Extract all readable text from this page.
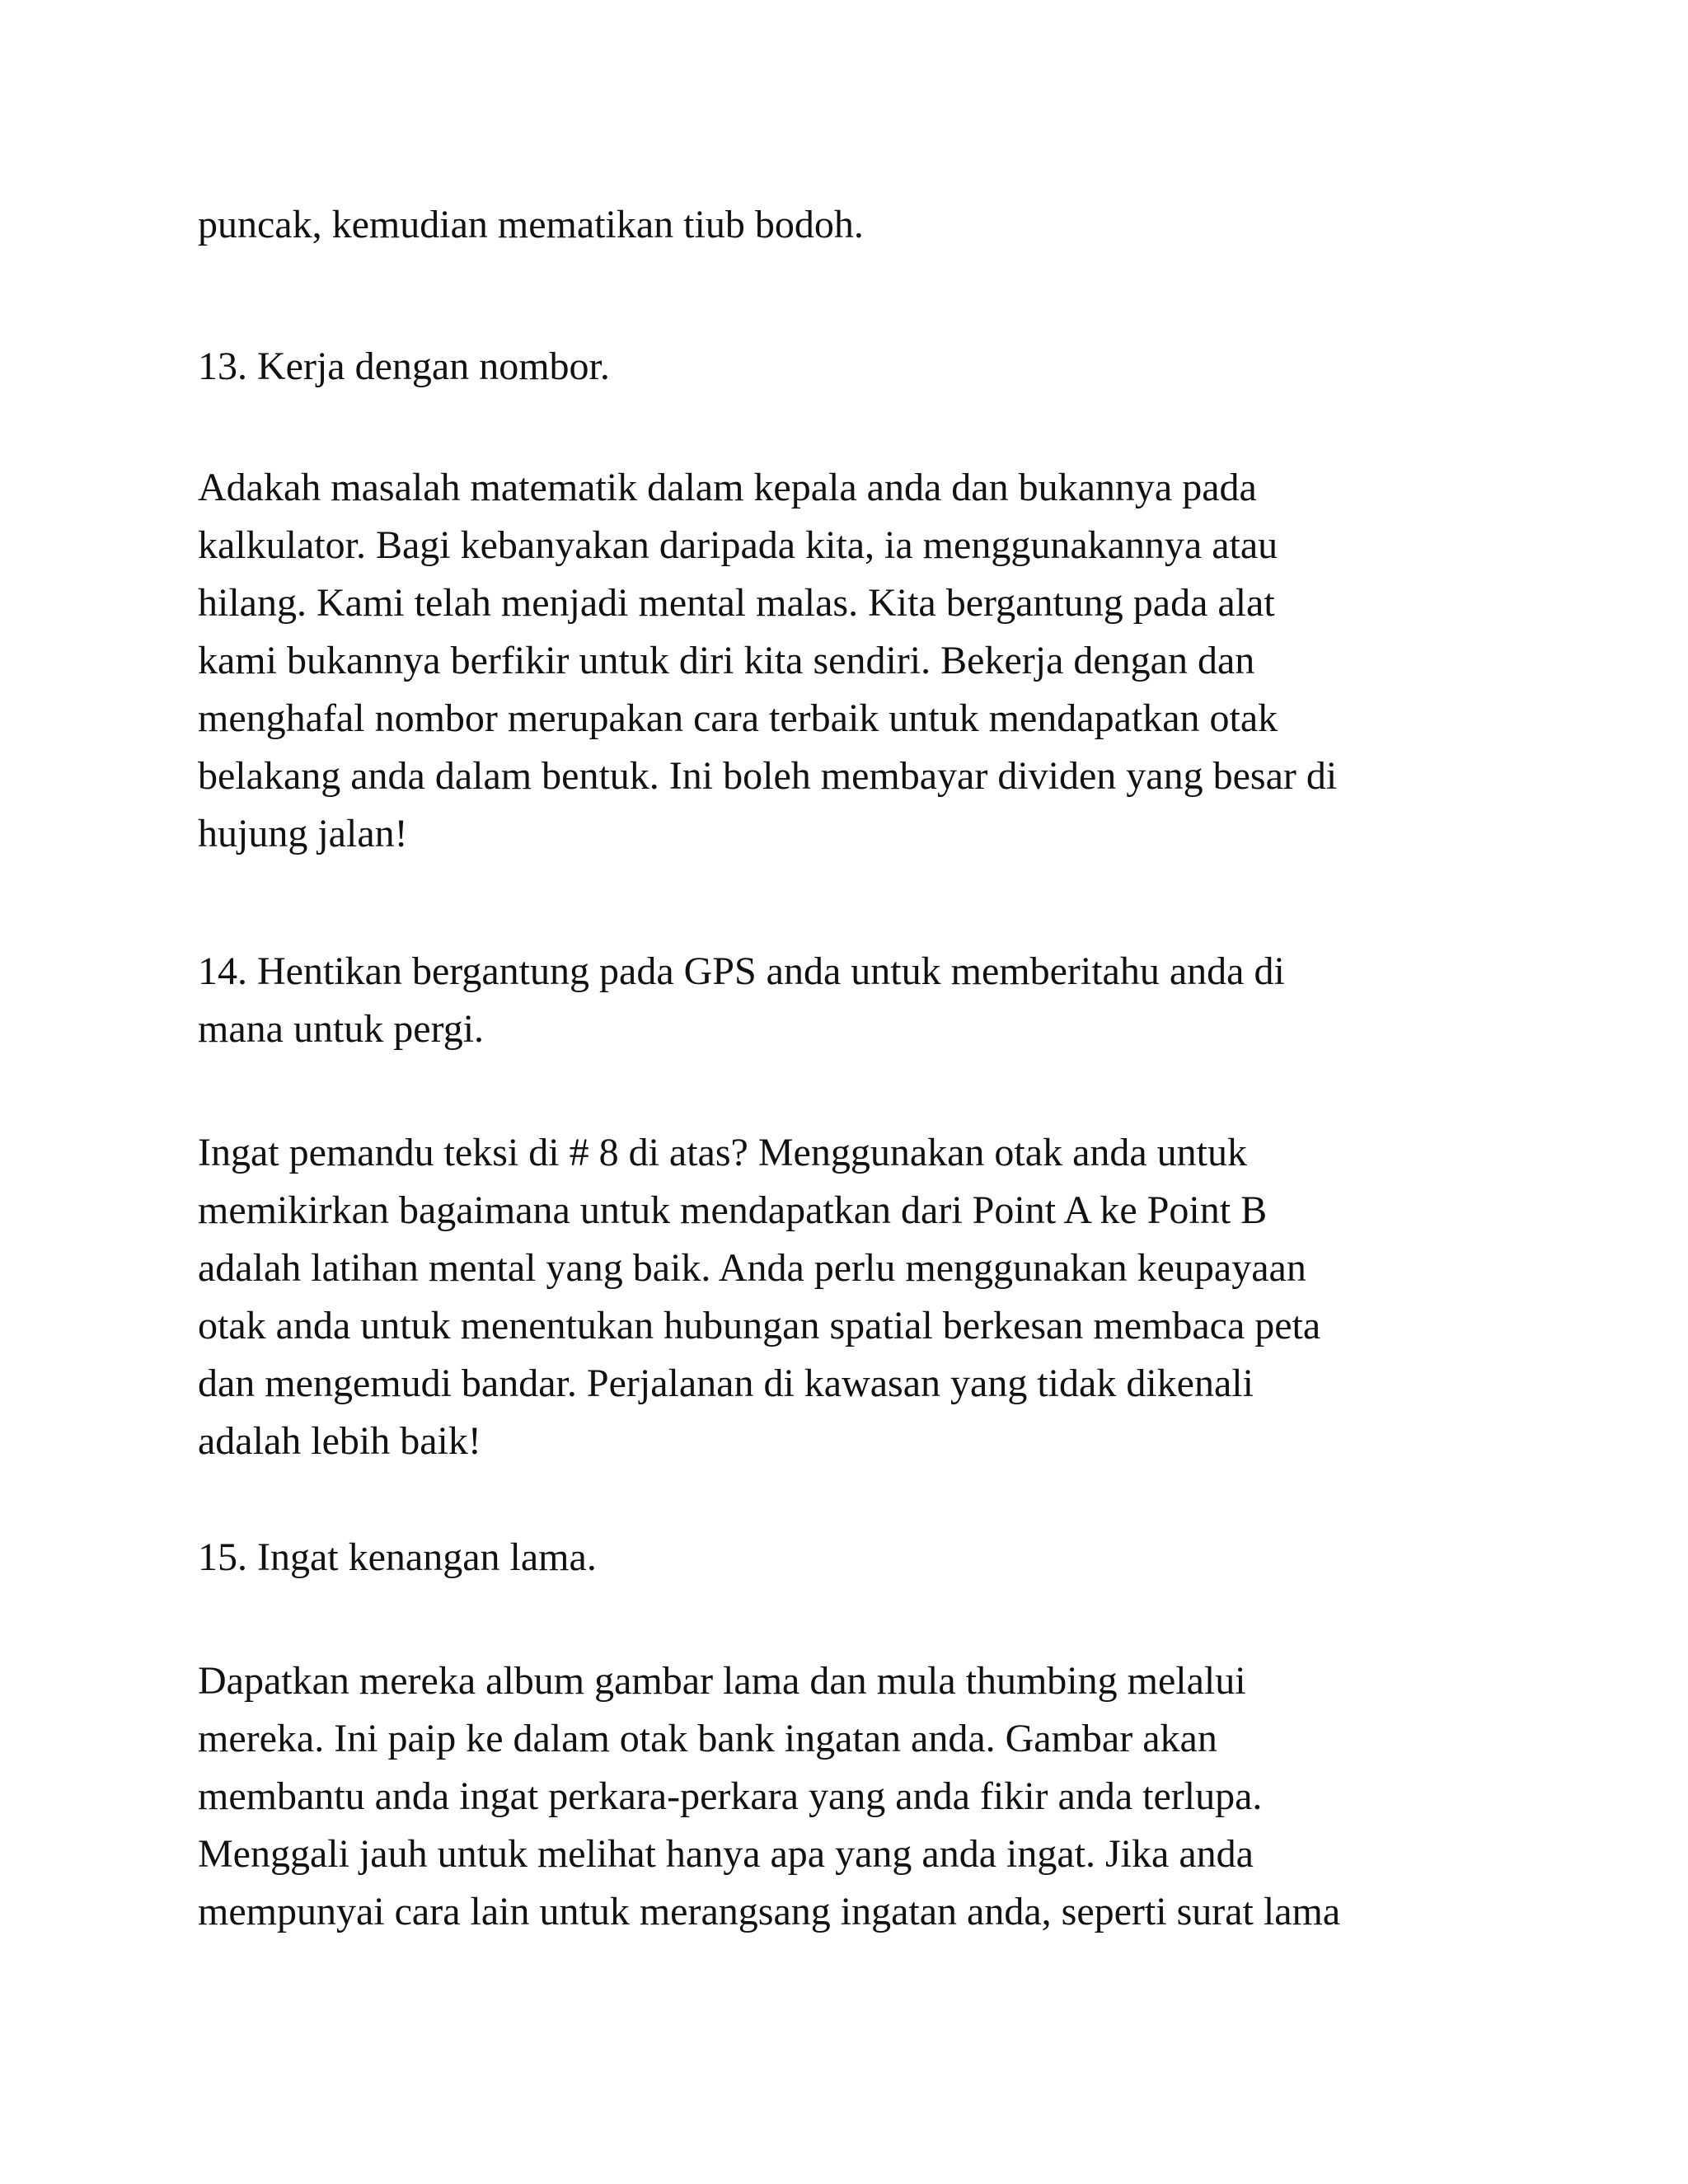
puncak, kemudian mematikan tiub bodoh.

13. Kerja dengan nombor.

Adakah masalah matematik dalam kepala anda dan bukannya pada
kalkulator. Bagi kebanyakan daripada kita, ia menggunakannya atau
hilang. Kami telah menjadi mental malas. Kita bergantung pada alat
kami bukannya berfikir untuk diri kita sendiri. Bekerja dengan dan
menghafal nombor merupakan cara terbaik untuk mendapatkan otak
belakang anda dalam bentuk. Ini boleh membayar dividen yang besar di
hujung jalan!

14. Hentikan bergantung pada GPS anda untuk memberitahu anda di
mana untuk pergi.

Ingat pemandu teksi di # 8 di atas? Menggunakan otak anda untuk
memikirkan bagaimana untuk mendapatkan dari Point A ke Point B
adalah latihan mental yang baik. Anda perlu menggunakan keupayaan
otak anda untuk menentukan hubungan spatial berkesan membaca peta
dan mengemudi bandar. Perjalanan di kawasan yang tidak dikenali
adalah lebih baik!

15. Ingat kenangan lama.

Dapatkan mereka album gambar lama dan mula thumbing melalui
mereka. Ini paip ke dalam otak bank ingatan anda. Gambar akan
membantu anda ingat perkara-perkara yang anda fikir anda terlupa.
Menggali jauh untuk melihat hanya apa yang anda ingat. Jika anda
mempunyai cara lain untuk merangsang ingatan anda, seperti surat lama
